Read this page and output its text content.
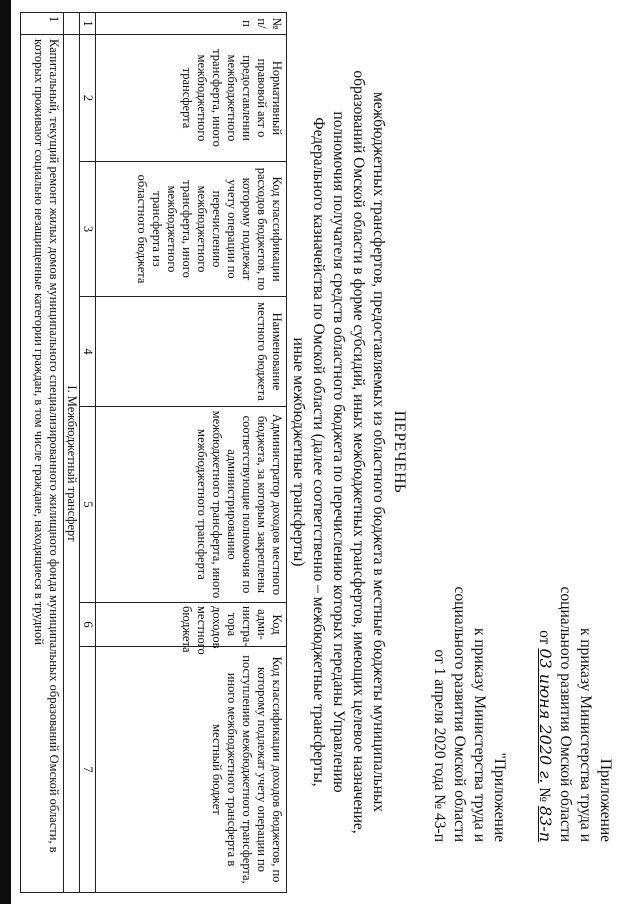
Приложение
к приказу Министерства труда и
социального развития Омской области
от 03 июня 2020 г. № 83-п
"Приложение
к приказу Министерства труда и
социального развития Омской области
от 1 апреля 2020 года № 43-п
ПЕРЕЧЕНЬ
межбюджетных трансфертов, предоставляемых из областного бюджета в местные бюджеты муниципальных
образований Омской области в форме субсидий, иных межбюджетных трансфертов, имеющих целевое назначение,
полномочия получателя средств областного бюджета по перечислению которых переданы Управлению
Федерального казначейства по Омской области (далее соответственно – межбюджетные трансферты,
иные межбюджетные трансферты)
№ п/п	Нормативный правовой акт о предоставлении межбюджетного трансферта, иного межбюджетного трансферта	Код классификации расходов бюджетов, по которому подлежат учету операции по перечислению межбюджетного трансферта, иного межбюджетного трансферта из областного бюджета	Наименование местного бюджета	Администратор доходов местного бюджета, за которым закреплены соответствующие полномочия по администрированию межбюджетного трансферта, иного межбюджетного трансферта	Код адми-нистра-тора доходов местного бюджета	Код классификации доходов бюджетов, по которому подлежат учету операции по поступлению межбюджетного трансферта, иного межбюджетного трансферта в местный бюджет
1	2	3	4	5	6	7
	I. Межбюджетный трансферт					
1	Капитальный, текущий ремонт жилых домов муниципального специализированного жилищного фонда муниципальных образований Омской области, в которых проживают социально незащищенные категории граждан, в том числе граждане, находящиеся в трудной					
